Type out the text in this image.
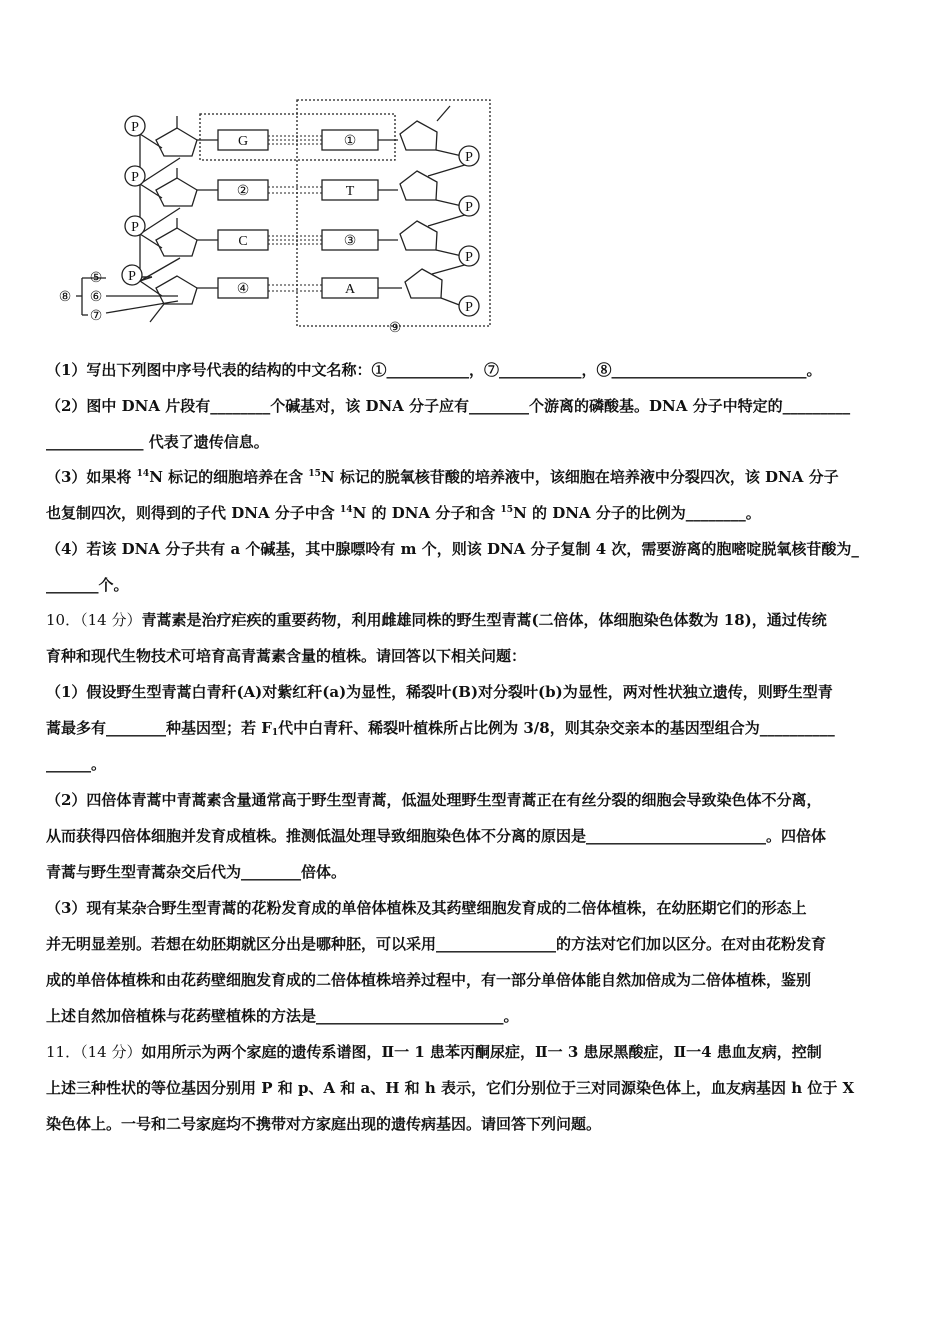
P
P
P
P
P
P
P
P
G
②
C
④
①
T
③
A
⑤
⑥
⑦
⑧
⑨
（1）写出下列图中序号代表的结构的中文名称：①___________，⑦___________，⑧__________________________。
（2）图中 DNA 片段有________个碱基对，该 DNA 分子应有________个游离的磷酸基。DNA 分子中特定的_________
_____________ 代表了遗传信息。
（3）如果将 $^{14}$N 标记的细胞培养在含 $^{15}$N 标记的脱氧核苷酸的培养液中，该细胞在培养液中分裂四次，该 DNA 分子
也复制四次，则得到的子代 DNA 分子中含 $^{14}$N 的 DNA 分子和含 $^{15}$N 的 DNA 分子的比例为________。
（4）若该 DNA 分子共有 a 个碱基，其中腺嘌呤有 m 个，则该 DNA 分子复制 4 次，需要游离的胞嘧啶脱氧核苷酸为_
_______个。
10．（14 分）青蒿素是治疗疟疾的重要药物，利用雌雄同株的野生型青蒿(二倍体，体细胞染色体数为 18)，通过传统
育种和现代生物技术可培育高青蒿素含量的植株。请回答以下相关问题：
（1）假设野生型青蒿白青秆(A)对紫红秆(a)为显性，稀裂叶(B)对分裂叶(b)为显性，两对性状独立遗传，则野生型青
蒿最多有________种基因型；若 $F_1$代中白青秆、稀裂叶植株所占比例为 3/8，则其杂交亲本的基因型组合为__________
______。
（2）四倍体青蒿中青蒿素含量通常高于野生型青蒿，低温处理野生型青蒿正在有丝分裂的细胞会导致染色体不分离，
从而获得四倍体细胞并发育成植株。推测低温处理导致细胞染色体不分离的原因是________________________。四倍体
青蒿与野生型青蒿杂交后代为________倍体。
（3）现有某杂合野生型青蒿的花粉发育成的单倍体植株及其药壁细胞发育成的二倍体植株，在幼胚期它们的形态上
并无明显差别。若想在幼胚期就区分出是哪种胚，可以采用________________的方法对它们加以区分。在对由花粉发育
成的单倍体植株和由花药壁细胞发育成的二倍体植株培养过程中，有一部分单倍体能自然加倍成为二倍体植株，鉴别
上述自然加倍植株与花药壁植株的方法是_________________________。
11．（14 分）如用所示为两个家庭的遗传系谱图，Ⅱ一 1 患苯丙酮尿症，Ⅱ一 3 患尿黑酸症，Ⅱ一4 患血友病，控制
上述三种性状的等位基因分别用 P 和 p、A 和 a、H 和 h 表示，它们分别位于三对同源染色体上，血友病基因 h 位于 X
染色体上。一号和二号家庭均不携带对方家庭出现的遗传病基因。请回答下列问题。
